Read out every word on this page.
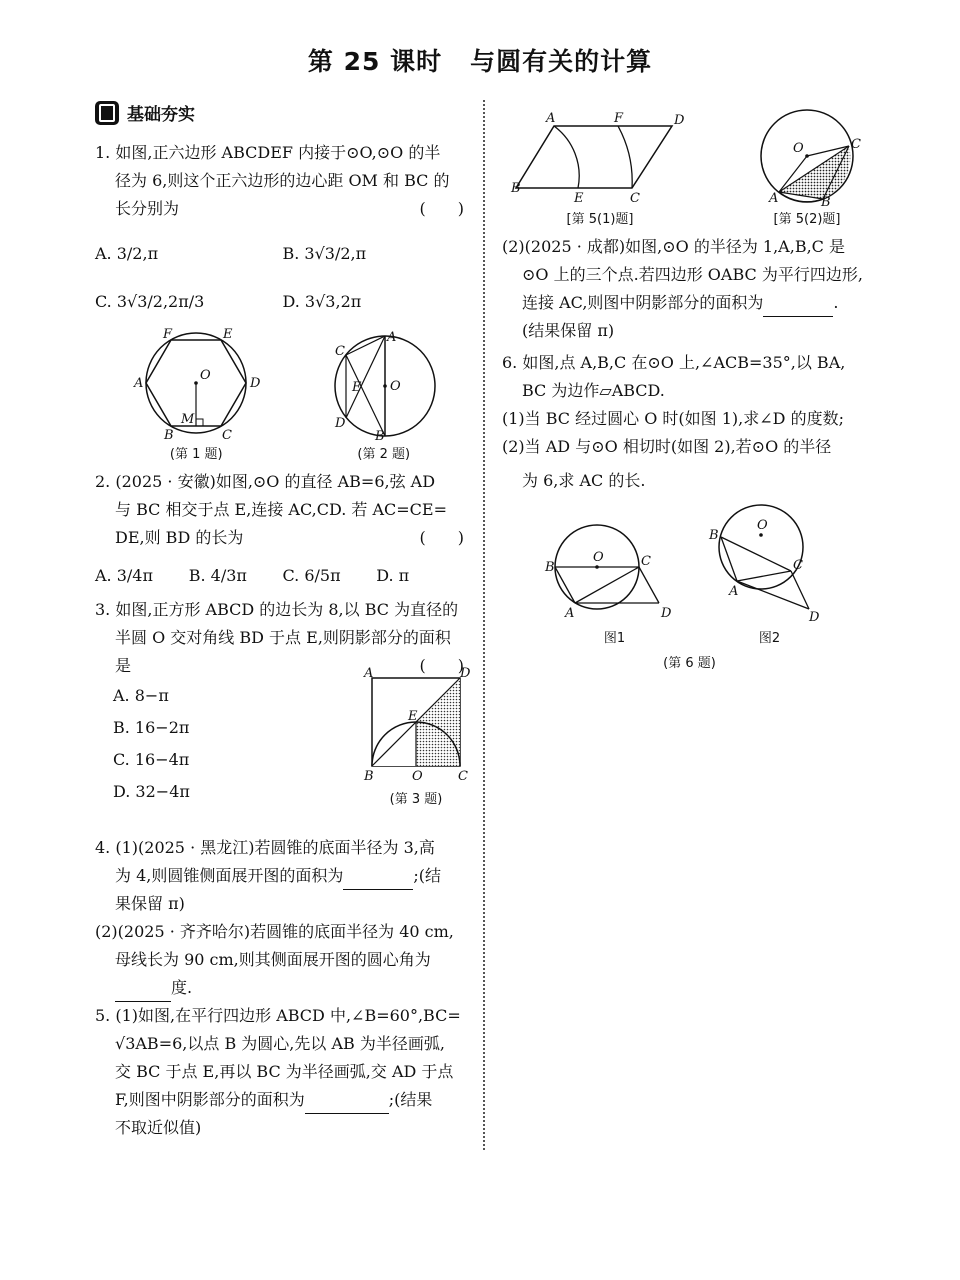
第 25 课时 与圆有关的计算
基础夯实

1. 如图,正六边形 ABCDEF 内接于⊙O,⊙O 的半

径为 6,则这个正六边形的边心距 OM 和 BC 的

长分别为	(　　)

A. 3/2,π	B. 3√3/2,π
C. 3√3/2,2π/3	D. 3√3,2π
F	E
A	D
B	C
O
M
(第 1 题)
A
C
E O
D
B
(第 2 题)

2. (2025 · 安徽)如图,⊙O 的直径 AB=6,弦 AD

与 BC 相交于点 E,连接 AC,CD. 若 AC=CE=

DE,则 BD 的长为	(　　)

A. 3/4π	B. 4/3π	C. 6/5π	D. π

3. 如图,正方形 ABCD 的边长为 8,以 BC 为直径的

半圆 O 交对角线 BD 于点 E,则阴影部分的面积

是	(　　)

A. 8−π
B. 16−2π
C. 16−4π
D. 32−4π
A	D
E
B	O	C
(第 3 题)

4. (1)(2025 · 黑龙江)若圆锥的底面半径为 3,高

为 4,则圆锥侧面展开图的面积为	;(结

果保留 π)

(2)(2025 · 齐齐哈尔)若圆锥的底面半径为 40 cm,

母线长为 90 cm,则其侧面展开图的圆心角为

度.

5. (1)如图,在平行四边形 ABCD 中,∠B=60°,BC=

√3AB=6,以点 B 为圆心,先以 AB 为半径画弧,

交 BC 于点 E,再以 BC 为半径画弧,交 AD 于点

F,则图中阴影部分的面积为	;(结果

不取近似值)

A	F	D
B
E	C
[第 5(1)题]
O	C
A	B
[第 5(2)题]

(2)(2025 · 成都)如图,⊙O 的半径为 1,A,B,C 是

⊙O 上的三个点.若四边形 OABC 为平行四边形,

连接 AC,则图中阴影部分的面积为	.

(结果保留 π)

6. 如图,点 A,B,C 在⊙O 上,∠ACB=35°,以 BA,

BC 为边作▱ABCD.

(1)当 BC 经过圆心 O 时(如图 1),求∠D 的度数;

(2)当 AD 与⊙O 相切时(如图 2),若⊙O 的半径

为 6,求 AC 的长.

B
O	C
A	D
图1
B
O
C
A
D
图2
(第 6 题)
